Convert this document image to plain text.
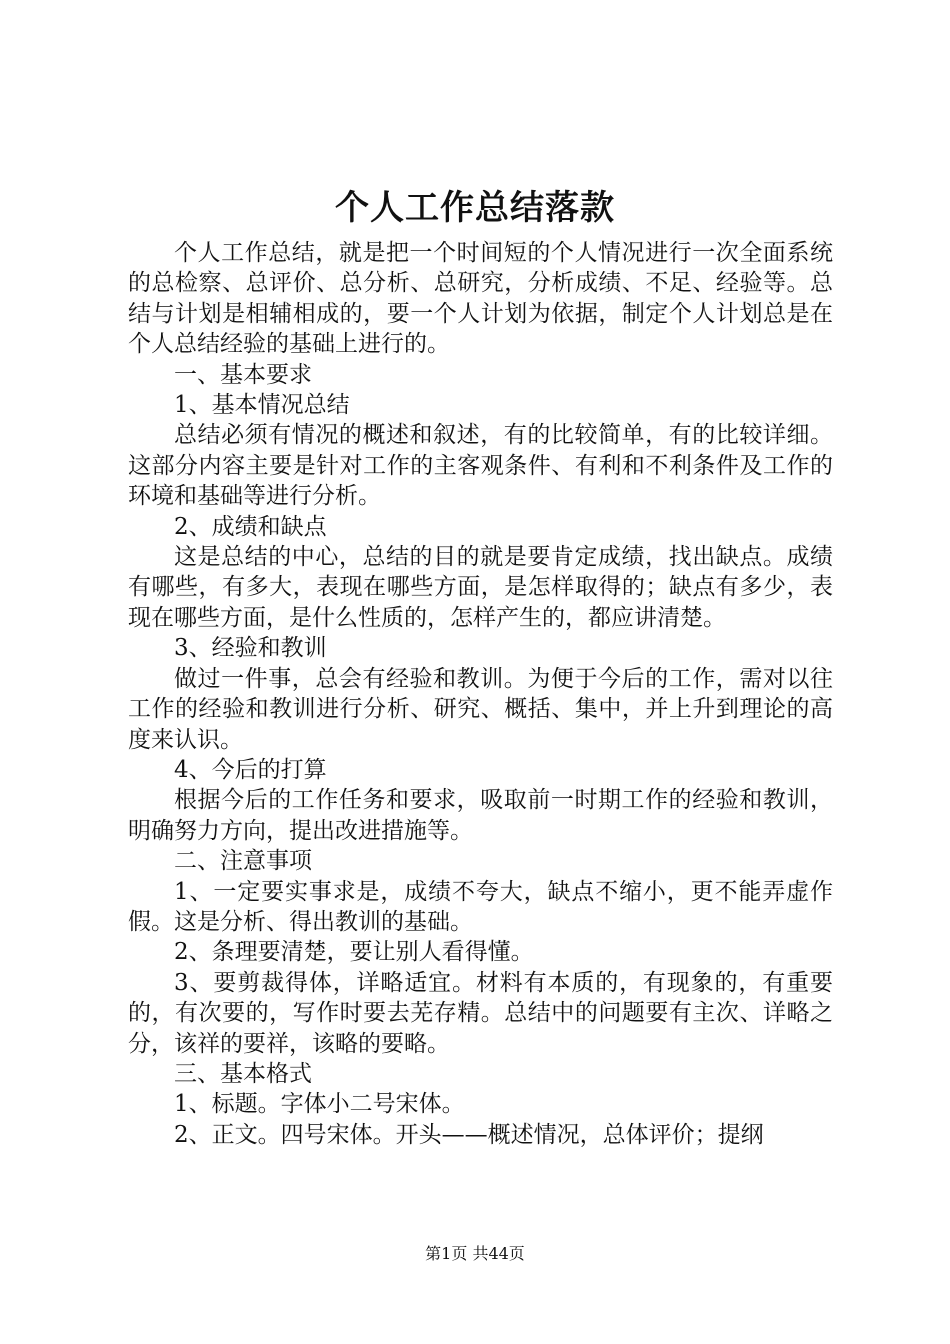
个人工作总结落款

个人工作总结，就是把一个时间短的个人情况进行一次全面系统的总检察、总评价、总分析、总研究，分析成绩、不足、经验等。总结与计划是相辅相成的，要一个人计划为依据，制定个人计划总是在个人总结经验的基础上进行的。

一、基本要求

1、基本情况总结

总结必须有情况的概述和叙述，有的比较简单，有的比较详细。这部分内容主要是针对工作的主客观条件、有利和不利条件及工作的环境和基础等进行分析。

2、成绩和缺点

这是总结的中心，总结的目的就是要肯定成绩，找出缺点。成绩有哪些，有多大，表现在哪些方面，是怎样取得的；缺点有多少，表现在哪些方面，是什么性质的，怎样产生的，都应讲清楚。

3、经验和教训

做过一件事，总会有经验和教训。为便于今后的工作，需对以往工作的经验和教训进行分析、研究、概括、集中，并上升到理论的高度来认识。

4、今后的打算

根据今后的工作任务和要求，吸取前一时期工作的经验和教训，明确努力方向，提出改进措施等。

二、注意事项

1、一定要实事求是，成绩不夸大，缺点不缩小，更不能弄虚作假。这是分析、得出教训的基础。

2、条理要清楚，要让别人看得懂。

3、要剪裁得体，详略适宜。材料有本质的，有现象的，有重要的，有次要的，写作时要去芜存精。总结中的问题要有主次、详略之分，该祥的要祥，该略的要略。

三、基本格式

1、标题。字体小二号宋体。

2、正文。四号宋体。开头——概述情况，总体评价；提纲

第1页 共44页
